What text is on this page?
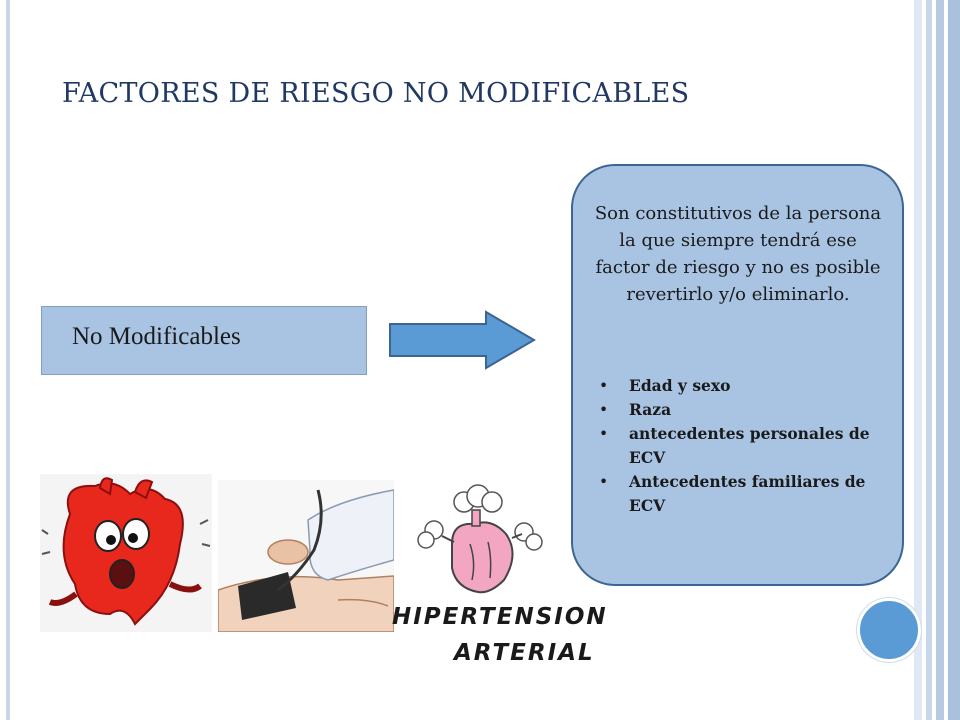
FACTORES DE RIESGO NO MODIFICABLES
No Modificables
Son constitutivos de la persona la que siempre tendrá ese factor de riesgo y no es posible revertirlo y/o eliminarlo.
• Edad y sexo
• Raza
• antecedentes personales de ECV
• Antecedentes familiares de ECV
HIPERTENSION
ARTERIAL
